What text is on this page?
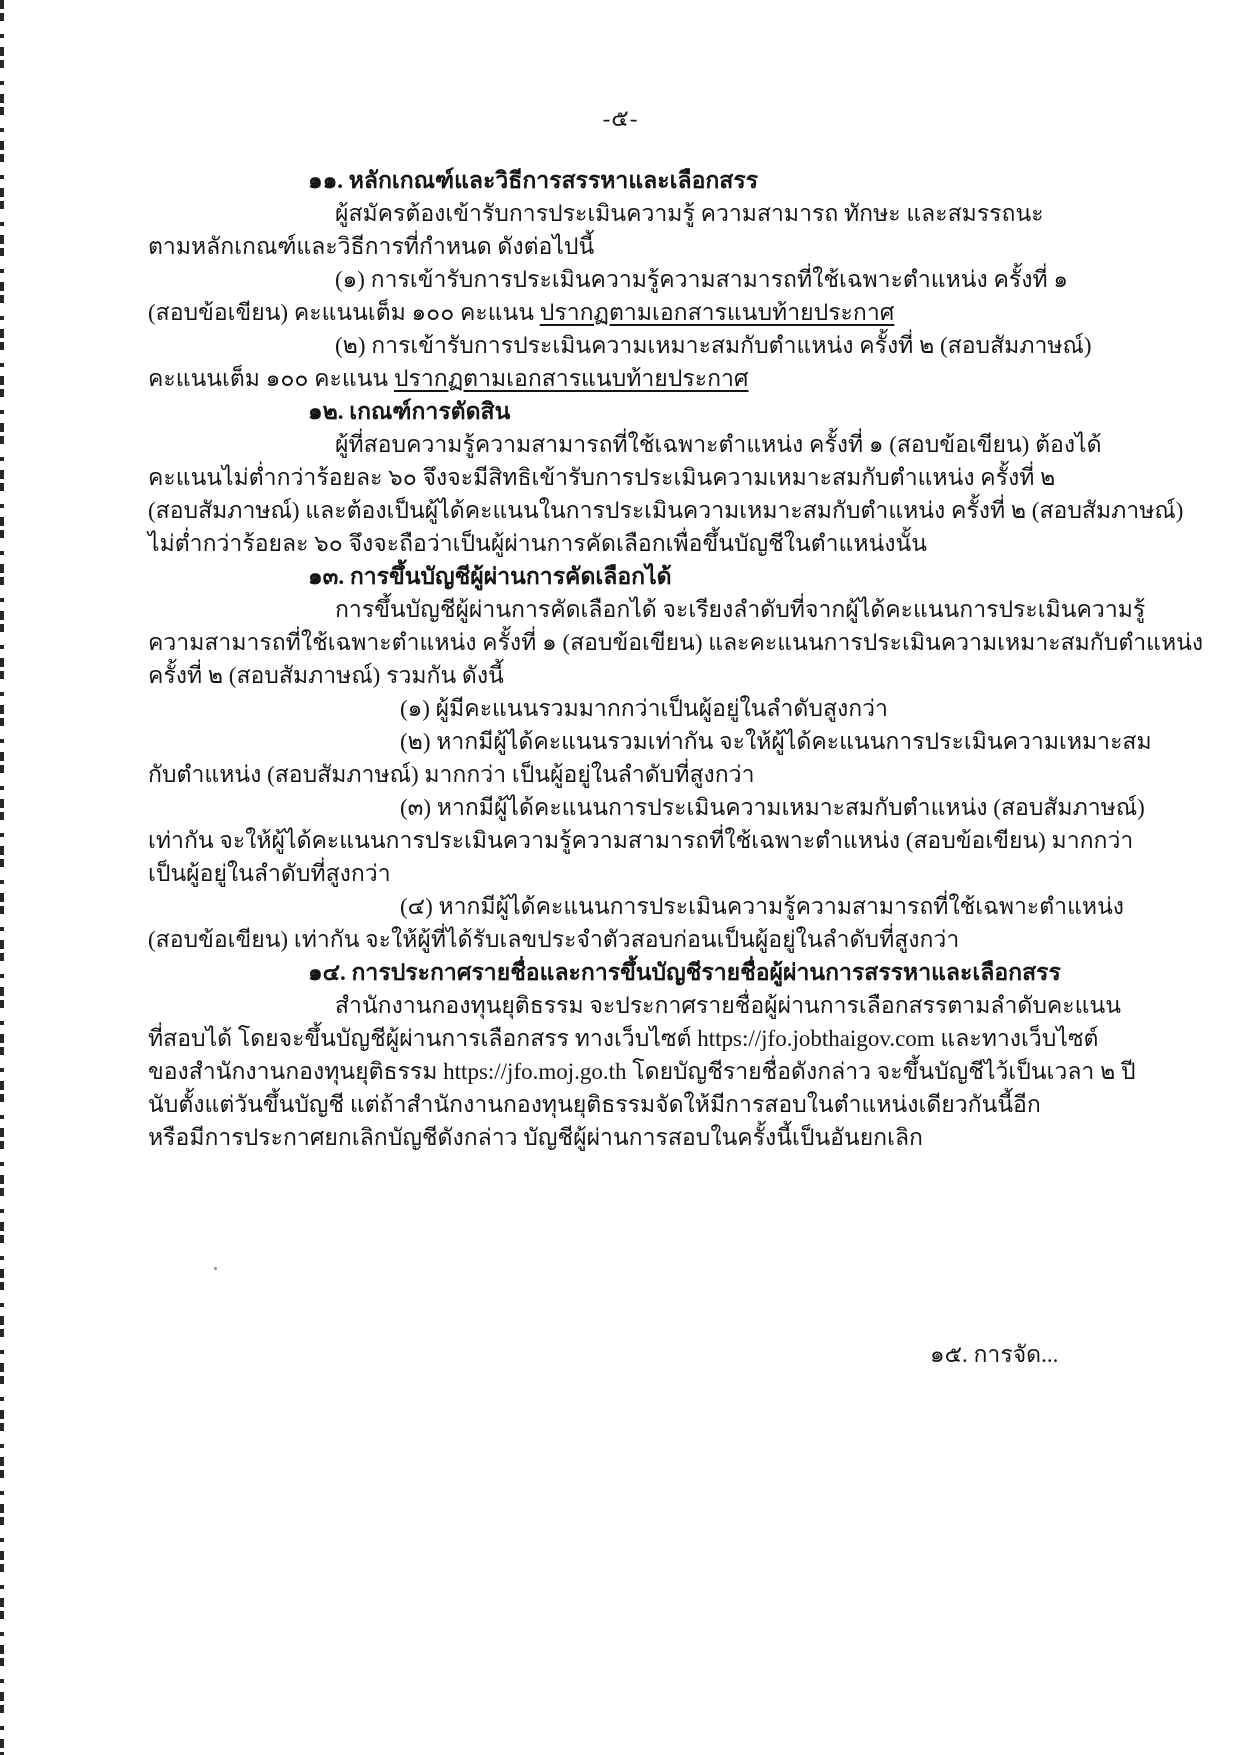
-๕-
๑๑. หลักเกณฑ์และวิธีการสรรหาและเลือกสรร
ผู้สมัครต้องเข้ารับการประเมินความรู้ ความสามารถ ทักษะ และสมรรถนะ
ตามหลักเกณฑ์และวิธีการที่กำหนด ดังต่อไปนี้
(๑) การเข้ารับการประเมินความรู้ความสามารถที่ใช้เฉพาะตำแหน่ง ครั้งที่ ๑
(สอบข้อเขียน) คะแนนเต็ม ๑๐๐ คะแนน ปรากฏตามเอกสารแนบท้ายประกาศ
(๒) การเข้ารับการประเมินความเหมาะสมกับตำแหน่ง ครั้งที่ ๒ (สอบสัมภาษณ์)
คะแนนเต็ม ๑๐๐ คะแนน ปรากฏตามเอกสารแนบท้ายประกาศ
๑๒. เกณฑ์การตัดสิน
ผู้ที่สอบความรู้ความสามารถที่ใช้เฉพาะตำแหน่ง ครั้งที่ ๑ (สอบข้อเขียน) ต้องได้
คะแนนไม่ต่ำกว่าร้อยละ ๖๐ จึงจะมีสิทธิเข้ารับการประเมินความเหมาะสมกับตำแหน่ง ครั้งที่ ๒
(สอบสัมภาษณ์) และต้องเป็นผู้ได้คะแนนในการประเมินความเหมาะสมกับตำแหน่ง ครั้งที่ ๒ (สอบสัมภาษณ์)
ไม่ต่ำกว่าร้อยละ ๖๐ จึงจะถือว่าเป็นผู้ผ่านการคัดเลือกเพื่อขึ้นบัญชีในตำแหน่งนั้น
๑๓. การขึ้นบัญชีผู้ผ่านการคัดเลือกได้
การขึ้นบัญชีผู้ผ่านการคัดเลือกได้ จะเรียงลำดับที่จากผู้ได้คะแนนการประเมินความรู้
ความสามารถที่ใช้เฉพาะตำแหน่ง ครั้งที่ ๑ (สอบข้อเขียน) และคะแนนการประเมินความเหมาะสมกับตำแหน่ง
ครั้งที่ ๒ (สอบสัมภาษณ์) รวมกัน ดังนี้
(๑) ผู้มีคะแนนรวมมากกว่าเป็นผู้อยู่ในลำดับสูงกว่า
(๒) หากมีผู้ได้คะแนนรวมเท่ากัน จะให้ผู้ได้คะแนนการประเมินความเหมาะสม
กับตำแหน่ง (สอบสัมภาษณ์) มากกว่า เป็นผู้อยู่ในลำดับที่สูงกว่า
(๓) หากมีผู้ได้คะแนนการประเมินความเหมาะสมกับตำแหน่ง (สอบสัมภาษณ์)
เท่ากัน จะให้ผู้ได้คะแนนการประเมินความรู้ความสามารถที่ใช้เฉพาะตำแหน่ง (สอบข้อเขียน) มากกว่า
เป็นผู้อยู่ในลำดับที่สูงกว่า
(๔) หากมีผู้ได้คะแนนการประเมินความรู้ความสามารถที่ใช้เฉพาะตำแหน่ง
(สอบข้อเขียน) เท่ากัน จะให้ผู้ที่ได้รับเลขประจำตัวสอบก่อนเป็นผู้อยู่ในลำดับที่สูงกว่า
๑๔. การประกาศรายชื่อและการขึ้นบัญชีรายชื่อผู้ผ่านการสรรหาและเลือกสรร
สำนักงานกองทุนยุติธรรม จะประกาศรายชื่อผู้ผ่านการเลือกสรรตามลำดับคะแนน
ที่สอบได้ โดยจะขึ้นบัญชีผู้ผ่านการเลือกสรร ทางเว็บไซต์ https://jfo.jobthaigov.com และทางเว็บไซต์
ของสำนักงานกองทุนยุติธรรม https://jfo.moj.go.th โดยบัญชีรายชื่อดังกล่าว จะขึ้นบัญชีไว้เป็นเวลา ๒ ปี
นับตั้งแต่วันขึ้นบัญชี แต่ถ้าสำนักงานกองทุนยุติธรรมจัดให้มีการสอบในตำแหน่งเดียวกันนี้อีก
หรือมีการประกาศยกเลิกบัญชีดังกล่าว บัญชีผู้ผ่านการสอบในครั้งนี้เป็นอันยกเลิก
๑๕. การจัด...
